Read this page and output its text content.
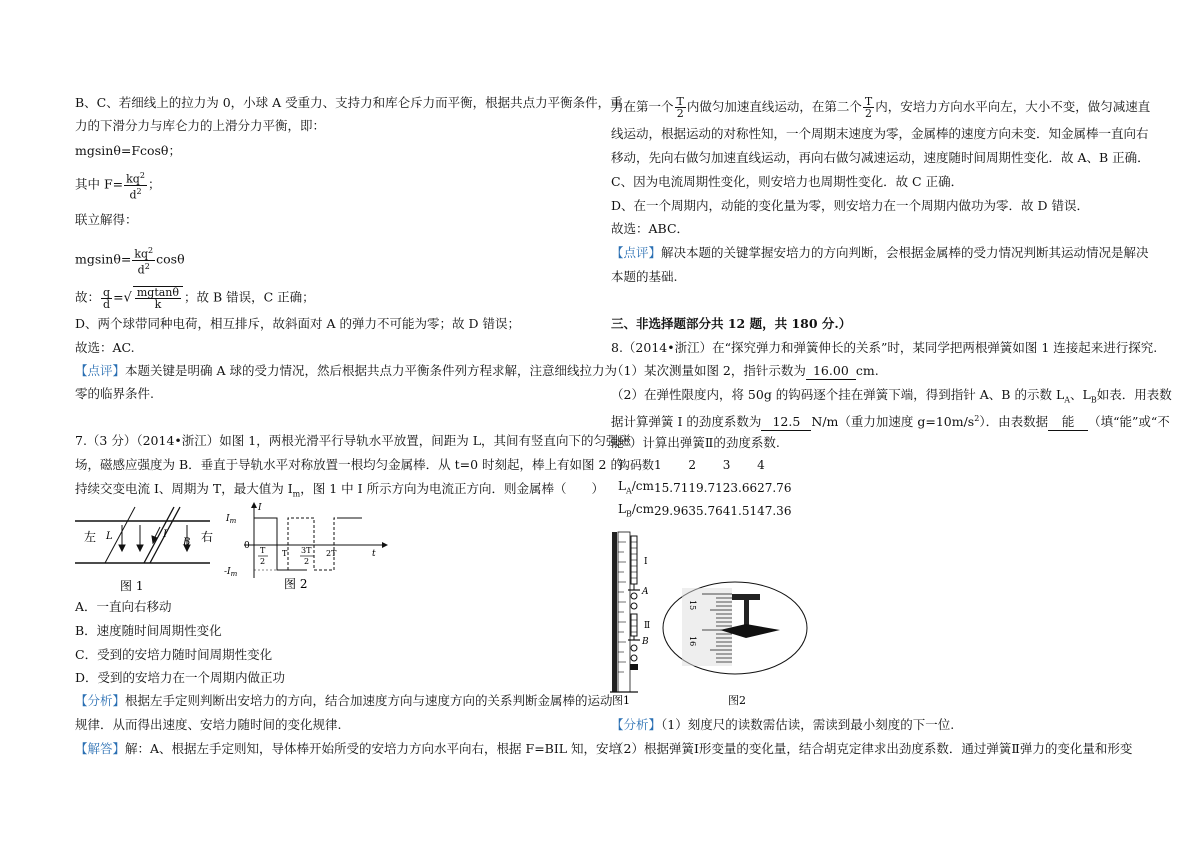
B、C、若细线上的拉力为 0，小球 A 受重力、支持力和库仑斥力而平衡，根据共点力平衡条件，重
力的下滑分力与库仑力的上滑分力平衡，即：
mgsinθ=Fcosθ；
其中 $F= \frac{kq^2}{d^2}$ ；
联立解得：
$mgsin\theta= \frac{kq^2}{d^2}$ cosθ
故： $\frac{q}{d}$ =√ $\frac{mgtan\theta}{k}$ ；故 B 错误，C 正确；
D、两个球带同种电荷，相互排斥，故斜面对 A 的弹力不可能为零；故 D 错误；
故选：AC.
【点评】本题关键是明确 A 球的受力情况，然后根据共点力平衡条件列方程求解，注意细线拉力为
零的临界条件.
7.（3 分）（2014•浙江）如图 1，两根光滑平行导轨水平放置，间距为 L，其间有竖直向下的匀强磁
场，磁感应强度为 B．垂直于导轨水平对称放置一根均匀金属棒．从 t=0 时刻起，棒上有如图 2 的
持续交变电流 I、周期为 T，最大值为 $I_m$，图 1 中 I 所示方向为电流正方向．则金属棒（　　）
左	右
L	I
B
图 1
$I_m$
$-I_m$
I
0
t
T
2
T 3T
2
2T
图 2
A．一直向右移动
B．速度随时间周期性变化
C．受到的安培力随时间周期性变化
D．受到的安培力在一个周期内做正功
【分析】根据左手定则判断出安培力的方向，结合加速度方向与速度方向的关系判断金属棒的运动
规律．从而得出速度、安培力随时间的变化规律.
【解答】解：A、根据左手定则知，导体棒开始所受的安培力方向水平向右，根据 F=BIL 知，安培
力在第一个 $\frac{T}{2}$ 内做匀加速直线运动，在第二个 $\frac{T}{2}$ 内，安培力方向水平向左，大小不变，做匀减速直
线运动，根据运动的对称性知，一个周期末速度为零，金属棒的速度方向未变．知金属棒一直向右
移动，先向右做匀加速直线运动，再向右做匀减速运动，速度随时间周期性变化．故 A、B 正确．
C、因为电流周期性变化，则安培力也周期性变化．故 C 正确．
D、在一个周期内，动能的变化量为零，则安培力在一个周期内做功为零．故 D 错误．
故选：ABC．
【点评】解决本题的关键掌握安培力的方向判断，会根据金属棒的受力情况判断其运动情况是解决
本题的基础.
三、非选择题部分共 12 题，共 180 分.）
8.（2014•浙江）在“探究弹力和弹簧伸长的关系”时，某同学把两根弹簧如图 1 连接起来进行探究.
（1）某次测量如图 2，指针示数为 16.00 cm.
（2）在弹性限度内，将 50g 的钩码逐个挂在弹簧下端，得到指针 A、B 的示数 $L_A$、$L_B$如表．用表数
据计算弹簧 I 的劲度系数为 12.5 N/m（重力加速度 $g=10m/s^2$）．由表数据 能 （填“能”或“不
能”）计算出弹簧Ⅱ的劲度系数.
钩码数	1	2	3	4
$L_A/cm$	15.71	19.71	23.66	27.76
$L_B/cm$	29.96	35.76	41.51	47.36
Ⅰ
A
Ⅱ
B
图1
15
16
图2
【分析】（1）刻度尺的读数需估读，需读到最小刻度的下一位.
（2）根据弹簧Ⅰ形变量的变化量，结合胡克定律求出劲度系数．通过弹簧Ⅱ弹力的变化量和形变
